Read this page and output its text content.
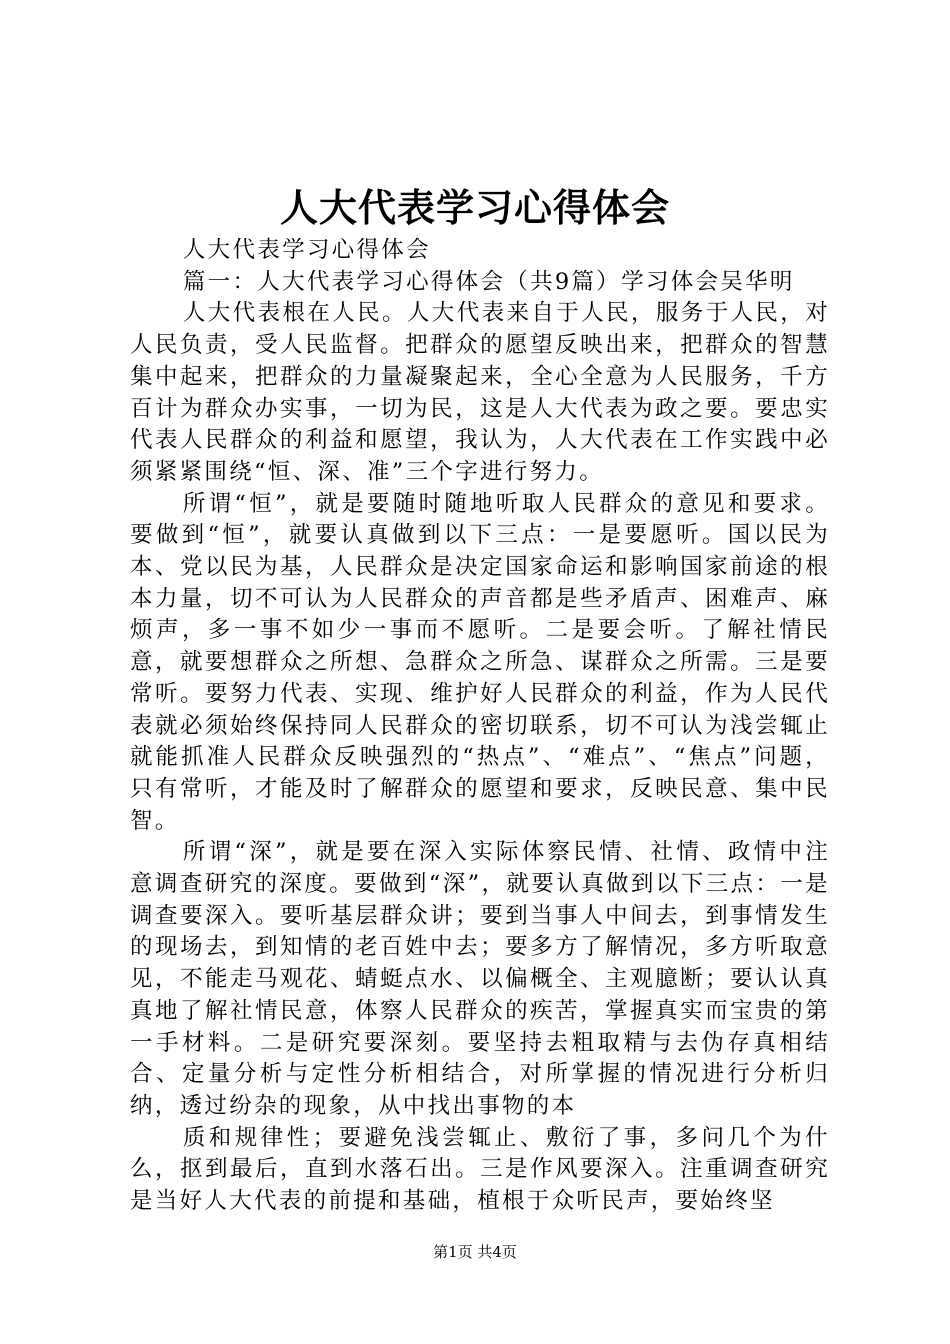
人大代表学习心得体会

人大代表学习心得体会

篇一：人大代表学习心得体会（共9篇）学习体会吴华明

人大代表根在人民。人大代表来自于人民，服务于人民，对人民负责，受人民监督。把群众的愿望反映出来，把群众的智慧集中起来，把群众的力量凝聚起来，全心全意为人民服务，千方百计为群众办实事，一切为民，这是人大代表为政之要。要忠实代表人民群众的利益和愿望，我认为，人大代表在工作实践中必须紧紧围绕“恒、深、准”三个字进行努力。

所谓“恒”，就是要随时随地听取人民群众的意见和要求。要做到“恒”，就要认真做到以下三点：一是要愿听。国以民为本、党以民为基，人民群众是决定国家命运和影响国家前途的根本力量，切不可认为人民群众的声音都是些矛盾声、困难声、麻烦声，多一事不如少一事而不愿听。二是要会听。了解社情民意，就要想群众之所想、急群众之所急、谋群众之所需。三是要常听。要努力代表、实现、维护好人民群众的利益，作为人民代表就必须始终保持同人民群众的密切联系，切不可认为浅尝辄止就能抓准人民群众反映强烈的“热点”、“难点”、“焦点”问题，只有常听，才能及时了解群众的愿望和要求，反映民意、集中民智。

所谓“深”，就是要在深入实际体察民情、社情、政情中注意调查研究的深度。要做到“深”，就要认真做到以下三点：一是调查要深入。要听基层群众讲；要到当事人中间去，到事情发生的现场去，到知情的老百姓中去；要多方了解情况，多方听取意见，不能走马观花、蜻蜓点水、以偏概全、主观臆断；要认认真真地了解社情民意，体察人民群众的疾苦，掌握真实而宝贵的第一手材料。二是研究要深刻。要坚持去粗取精与去伪存真相结合、定量分析与定性分析相结合，对所掌握的情况进行分析归纳，透过纷杂的现象，从中找出事物的本

质和规律性；要避免浅尝辄止、敷衍了事，多问几个为什么，抠到最后，直到水落石出。三是作风要深入。注重调查研究是当好人大代表的前提和基础，植根于众听民声，要始终坚

第1页 共4页
